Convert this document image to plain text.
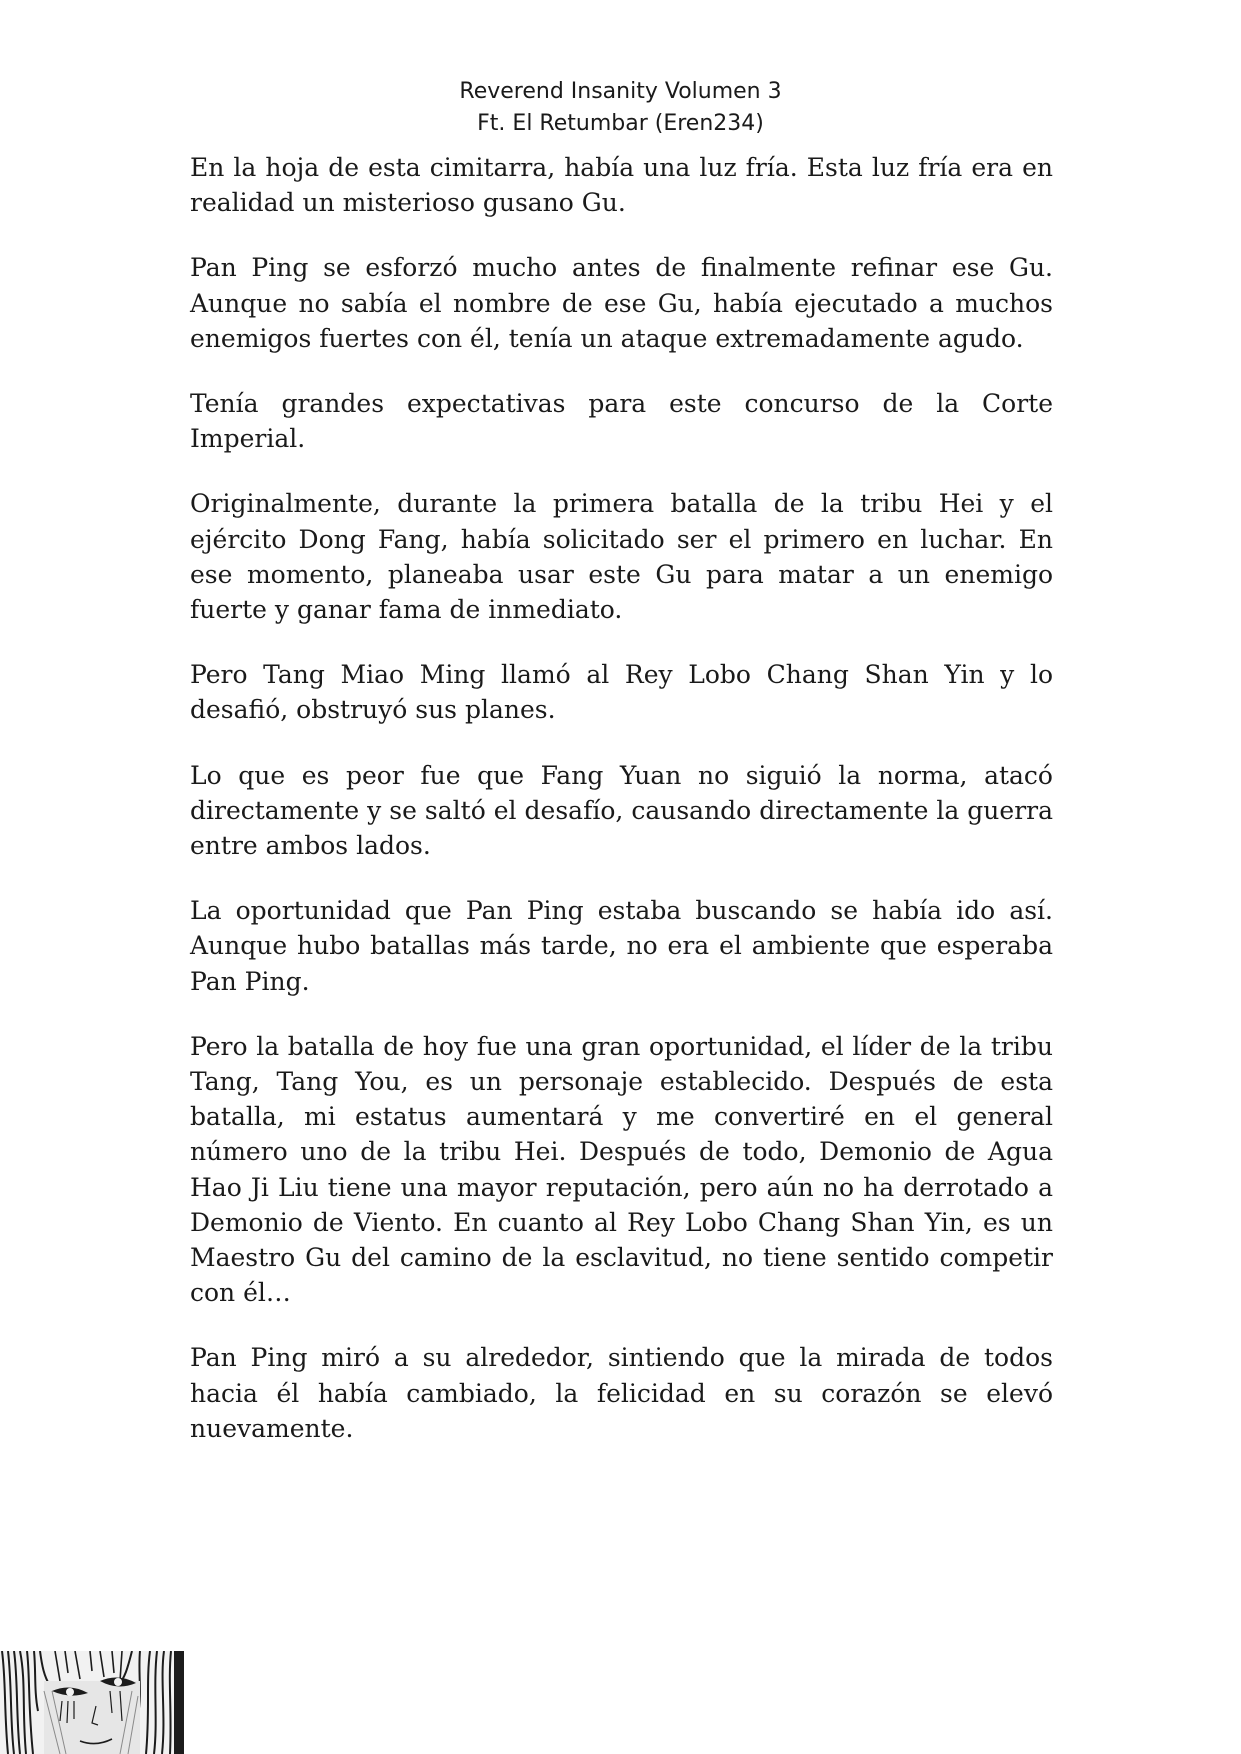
Reverend Insanity Volumen 3
Ft. El Retumbar (Eren234)

En la hoja de esta cimitarra, había una luz fría. Esta luz fría era en realidad un misterioso gusano Gu.

Pan Ping se esforzó mucho antes de finalmente refinar ese Gu. Aunque no sabía el nombre de ese Gu, había ejecutado a muchos enemigos fuertes con él, tenía un ataque extremadamente agudo.

Tenía grandes expectativas para este concurso de la Corte Imperial.

Originalmente, durante la primera batalla de la tribu Hei y el ejército Dong Fang, había solicitado ser el primero en luchar. En ese momento, planeaba usar este Gu para matar a un enemigo fuerte y ganar fama de inmediato.

Pero Tang Miao Ming llamó al Rey Lobo Chang Shan Yin y lo desafió, obstruyó sus planes.

Lo que es peor fue que Fang Yuan no siguió la norma, atacó directamente y se saltó el desafío, causando directamente la guerra entre ambos lados.

La oportunidad que Pan Ping estaba buscando se había ido así. Aunque hubo batallas más tarde, no era el ambiente que esperaba Pan Ping.

Pero la batalla de hoy fue una gran oportunidad, el líder de la tribu Tang, Tang You, es un personaje establecido. Después de esta batalla, mi estatus aumentará y me convertiré en el general número uno de la tribu Hei. Después de todo, Demonio de Agua Hao Ji Liu tiene una mayor reputación, pero aún no ha derrotado a Demonio de Viento. En cuanto al Rey Lobo Chang Shan Yin, es un Maestro Gu del camino de la esclavitud, no tiene sentido competir con él…

Pan Ping miró a su alrededor, sintiendo que la mirada de todos hacia él había cambiado, la felicidad en su corazón se elevó nuevamente.
